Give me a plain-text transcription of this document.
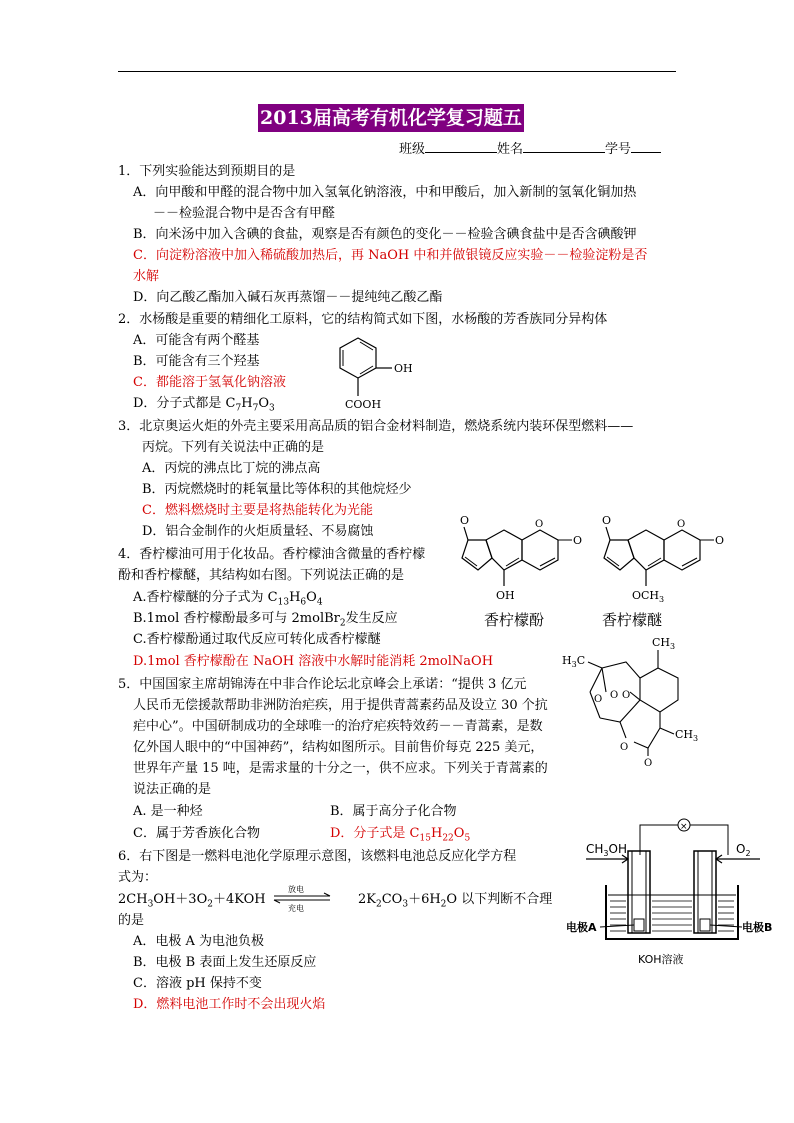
2013届高考有机化学复习题五
班级	姓名	学号
1．下列实验能达到预期目的是
A．向甲酸和甲醛的混合物中加入氢氧化钠溶液，中和甲酸后，加入新制的氢氧化铜加热
－－检验混合物中是否含有甲醛
B．向米汤中加入含碘的食盐，观察是否有颜色的变化－－检验含碘食盐中是否含碘酸钾
C．向淀粉溶液中加入稀硫酸加热后，再 NaOH 中和并做银镜反应实验－－检验淀粉是否
水解
D．向乙酸乙酯加入碱石灰再蒸馏－－提纯纯乙酸乙酯
2．水杨酸是重要的精细化工原料，它的结构简式如下图，水杨酸的芳香族同分异构体
A．可能含有两个醛基
B．可能含有三个羟基
C．都能溶于氢氧化钠溶液
D．分子式都是 $C_7H_7O_3$
OH
COOH
3．北京奥运火炬的外壳主要采用高品质的铝合金材料制造，燃烧系统内装环保型燃料——
丙烷。下列有关说法中正确的是
A．丙烷的沸点比丁烷的沸点高
B．丙烷燃烧时的耗氧量比等体积的其他烷烃少
C．燃料燃烧时主要是将热能转化为光能
D．铝合金制作的火炬质量轻、不易腐蚀
4．香柠檬油可用于化妆品。香柠檬油含微量的香柠檬
酚和香柠檬醚，其结构如右图。下列说法正确的是
A.香柠檬醚的分子式为 $C_{13}H_6O_4$
B.1mol 香柠檬酚最多可与 2molBr$_2$发生反应
C.香柠檬酚通过取代反应可转化成香柠檬醚
D.1mol 香柠檬酚在 NaOH 溶液中水解时能消耗 2molNaOH
O	O
O
OH
香柠檬酚
O	O
O
$OCH_3$
香柠檬醚
5．中国国家主席胡锦涛在中非合作论坛北京峰会上承诺：“提供 3 亿元
人民币无偿援款帮助非洲防治疟疾，用于提供青蒿素药品及设立 30 个抗
疟中心”。中国研制成功的全球唯一的治疗疟疾特效药－－青蒿素，是数
亿外国人眼中的“中国神药”，结构如图所示。目前售价每克 225 美元，
世界年产量 15 吨，是需求量的十分之一，供不应求。下列关于青蒿素的
说法正确的是
A. 是一种烃	B．属于高分子化合物
C．属于芳香族化合物	D．分子式是 $C_{15}H_{22}O_5$
$CH_3$
$H_3C$
O O
O
O
O
$CH_3$
6．右下图是一燃料电池化学原理示意图，该燃料电池总反应化学方程
式为：
$2CH_3OH+3O_2+4KOH$
放电
充电
$2K_2CO_3+6H_2O$ 以下判断不合理
的是
A．电极 A 为电池负极
B．电极 B 表面上发生还原反应
C．溶液 pH 保持不变
D．燃料电池工作时不会出现火焰
×
$CH_3OH$	$O_2$
电极A	电极B
KOH溶液
